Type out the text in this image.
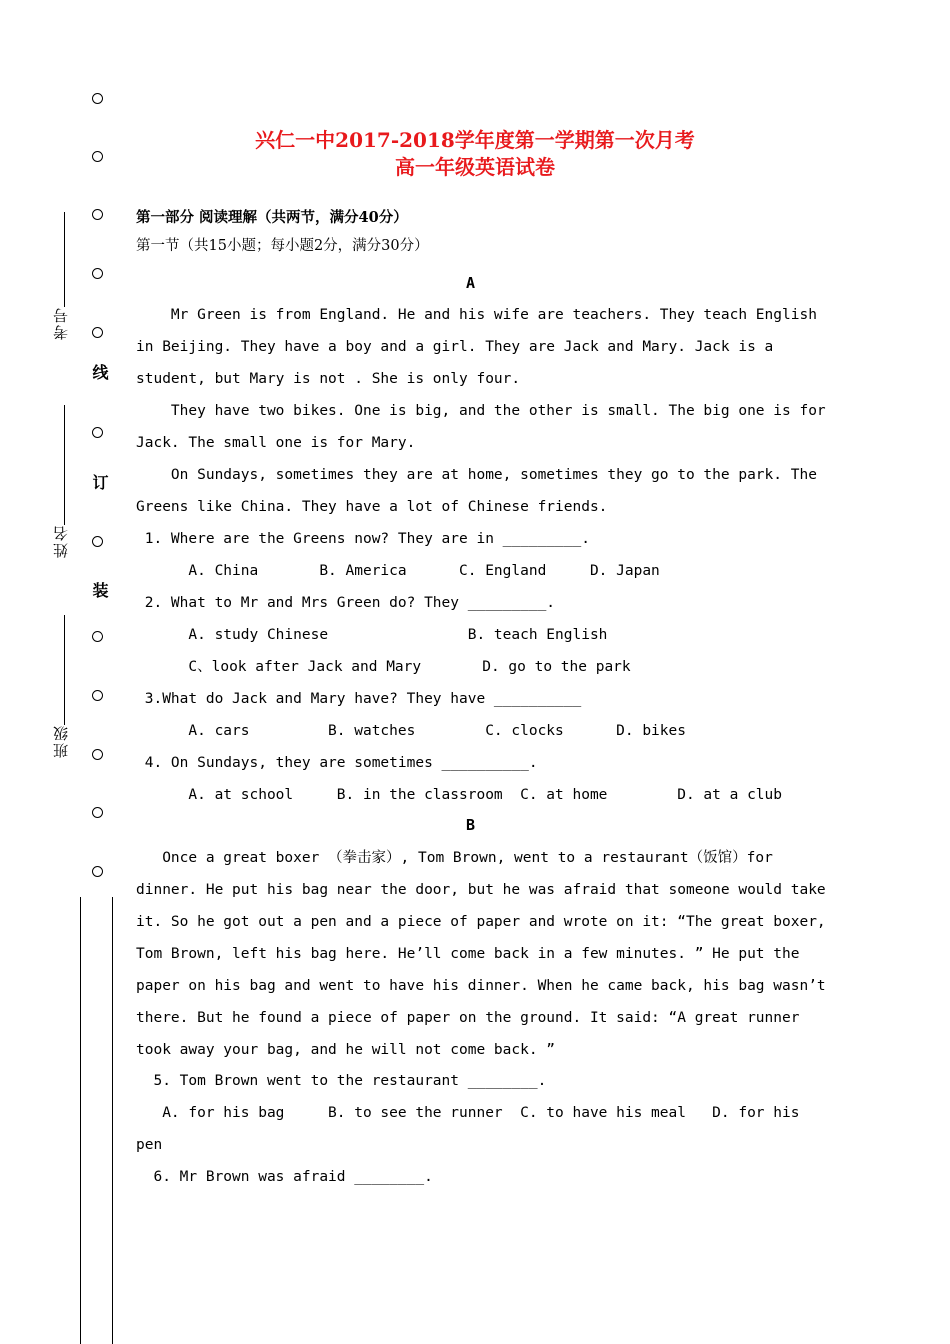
线
订
装
考号
姓名
班级
兴仁一中2017-2018学年度第一学期第一次月考
高一年级英语试卷
第一部分 阅读理解（共两节，满分40分）
第一节（共15小题；每小题2分，满分30分）
A
Mr Green is from England. He and his wife are teachers. They teach English
in Beijing. They have a boy and a girl. They are Jack and Mary. Jack is a
student, but Mary is not . She is only four.
They have two bikes. One is big, and the other is small. The big one is for
Jack. The small one is for Mary.
On Sundays, sometimes they are at home, sometimes they go to the park. The
Greens like China. They have a lot of Chinese friends.
1. Where are the Greens now? They are in _________.
A. China       B. America      C. England     D. Japan
2. What to Mr and Mrs Green do? They _________.
A. study Chinese                B. teach English
C、look after Jack and Mary       D. go to the park
3.What do Jack and Mary have? They have __________
A. cars         B. watches        C. clocks      D. bikes
4. On Sundays, they are sometimes __________.
A. at school     B. in the classroom  C. at home        D. at a club
B
Once a great boxer （拳击家）, Tom Brown, went to a restaurant（饭馆）for
dinner. He put his bag near the door, but he was afraid that someone would take
it. So he got out a pen and a piece of paper and wrote on it: “The great boxer,
Tom Brown, left his bag here. He’ll come back in a few minutes. ” He put the
paper on his bag and went to have his dinner. When he came back, his bag wasn’t
there. But he found a piece of paper on the ground. It said: “A great runner
took away your bag, and he will not come back. ”
5. Tom Brown went to the restaurant ________.
A. for his bag     B. to see the runner  C. to have his meal   D. for his
pen
6. Mr Brown was afraid ________.
